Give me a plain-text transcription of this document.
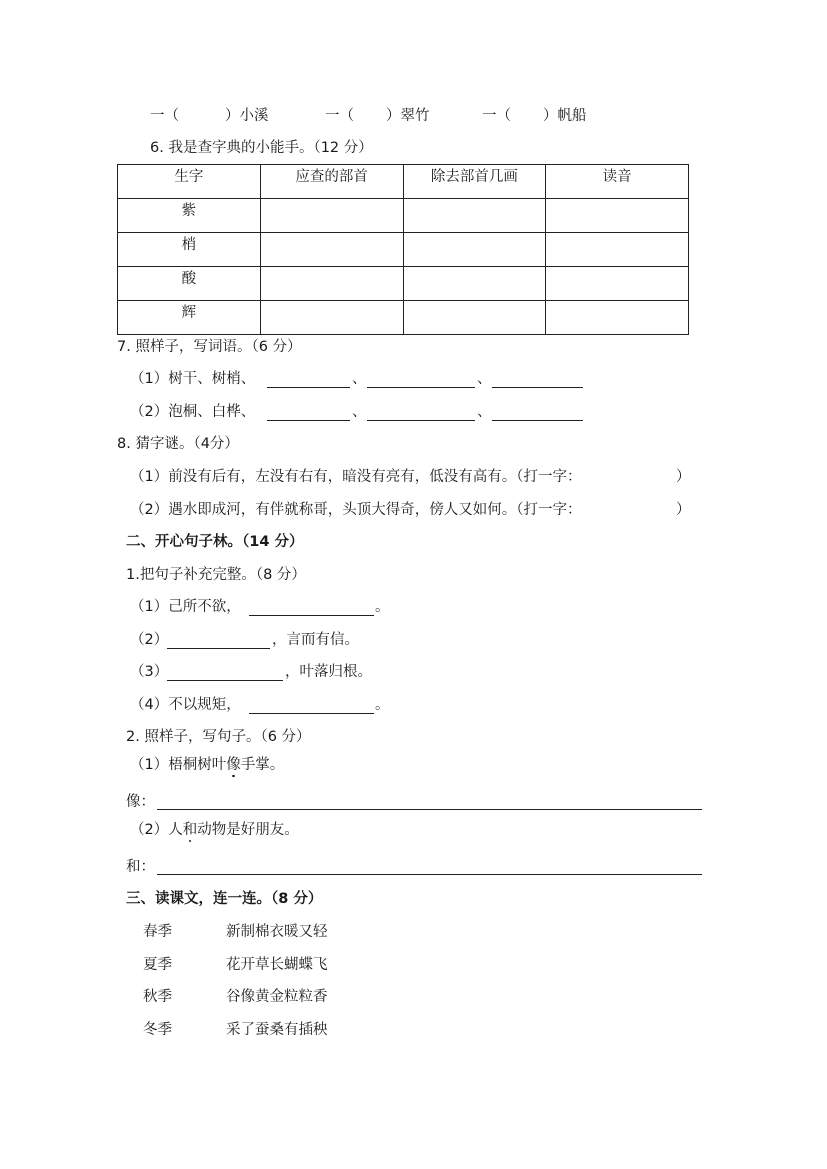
一（	）小溪	一（ ）翠竹	一（ ）帆船
6. 我是查字典的小能手。（12 分）
生字	应查的部首	除去部首几画	读音
紫			
梢			
酸			
辉			
7. 照样子，写词语。（6 分）
（1）树干、树梢、	、	、
（2）泡桐、白桦、	、	、
8. 猜字谜。（4分）
（1）前没有后有，左没有右有，暗没有亮有，低没有高有。（打一字：	）
（2）遇水即成河，有伴就称哥，头顶大得奇，傍人又如何。（打一字：	）
二、开心句子林。（14 分）
1.把句子补充完整。（8 分）
（1）己所不欲，	。
（2）	，言而有信。
（3）	，叶落归根。
（4）不以规矩，	。
2. 照样子，写句子。（6 分）
（1）梧桐树叶像手掌。
像：
（2）人和动物是好朋友。
和：
三、读课文，连一连。（8 分）
春季	新制棉衣暖又轻
夏季	花开草长蝴蝶飞
秋季	谷像黄金粒粒香
冬季	采了蚕桑有插秧
